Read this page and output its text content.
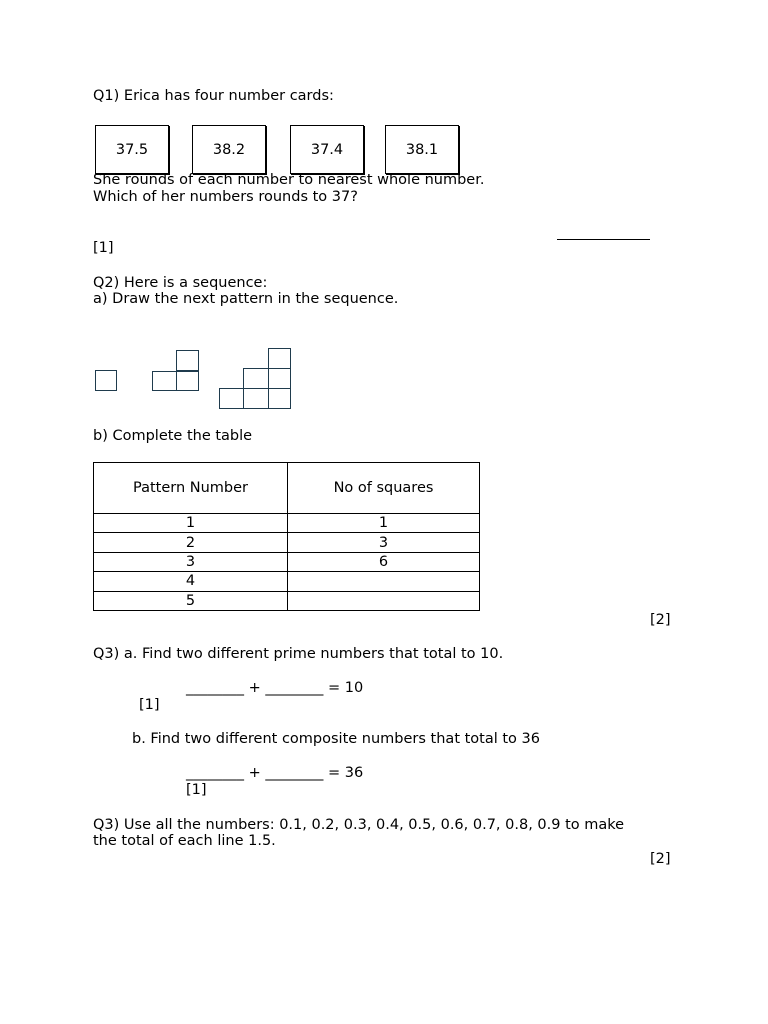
Q1) Erica has four number cards:
37.5	38.2	37.4	38.1
She rounds of each number to nearest whole number.
Which of her numbers rounds to 37?
[1]
Q2) Here is a sequence:
a) Draw the next pattern in the sequence.
b) Complete the table
Pattern Number	No of squares
1	1
2	3
3	6
4	
5	
[2]
Q3) a. Find two different prime numbers that total to 10.
________ + ________ = 10
[1]
b. Find two different composite numbers that total to 36
________ + ________ = 36
[1]
Q3) Use all the numbers: 0.1, 0.2, 0.3, 0.4, 0.5, 0.6, 0.7, 0.8, 0.9 to make
the total of each line 1.5.
[2]
